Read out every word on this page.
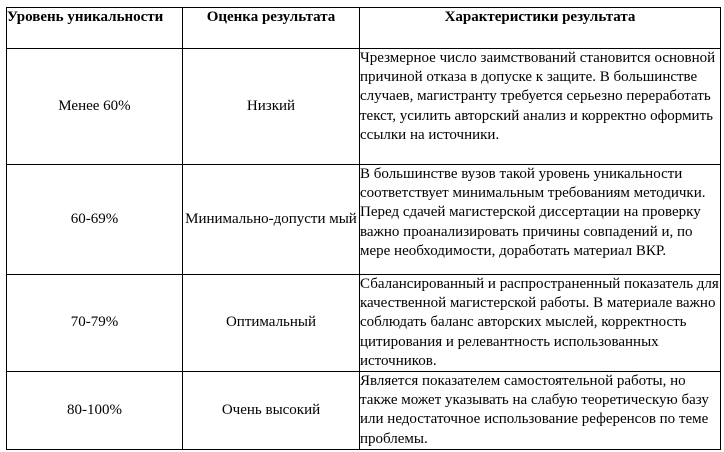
Уровень уникальности	Оценка результата	Характеристики результата
Менее 60%	Низкий	Чрезмерное число заимствований становится основной причиной отказа в допуске к защите. В большинстве случаев, магистранту требуется серьезно переработать текст, усилить авторский анализ и корректно оформить ссылки на источники.
60-69%	Минимально-допусти мый	В большинстве вузов такой уровень уникальности соответствует минимальным требованиям методички. Перед сдачей магистерской диссертации на проверку важно проанализировать причины совпадений и, по мере необходимости, доработать материал ВКР.
70-79%	Оптимальный	Сбалансированный и распространенный показатель для качественной магистерской работы. В материале важно соблюдать баланс авторских мыслей, корректность цитирования и релевантность использованных источников.
80-100%	Очень высокий	Является показателем самостоятельной работы, но также может указывать на слабую теоретическую базу или недостаточное использование референсов по теме проблемы.
